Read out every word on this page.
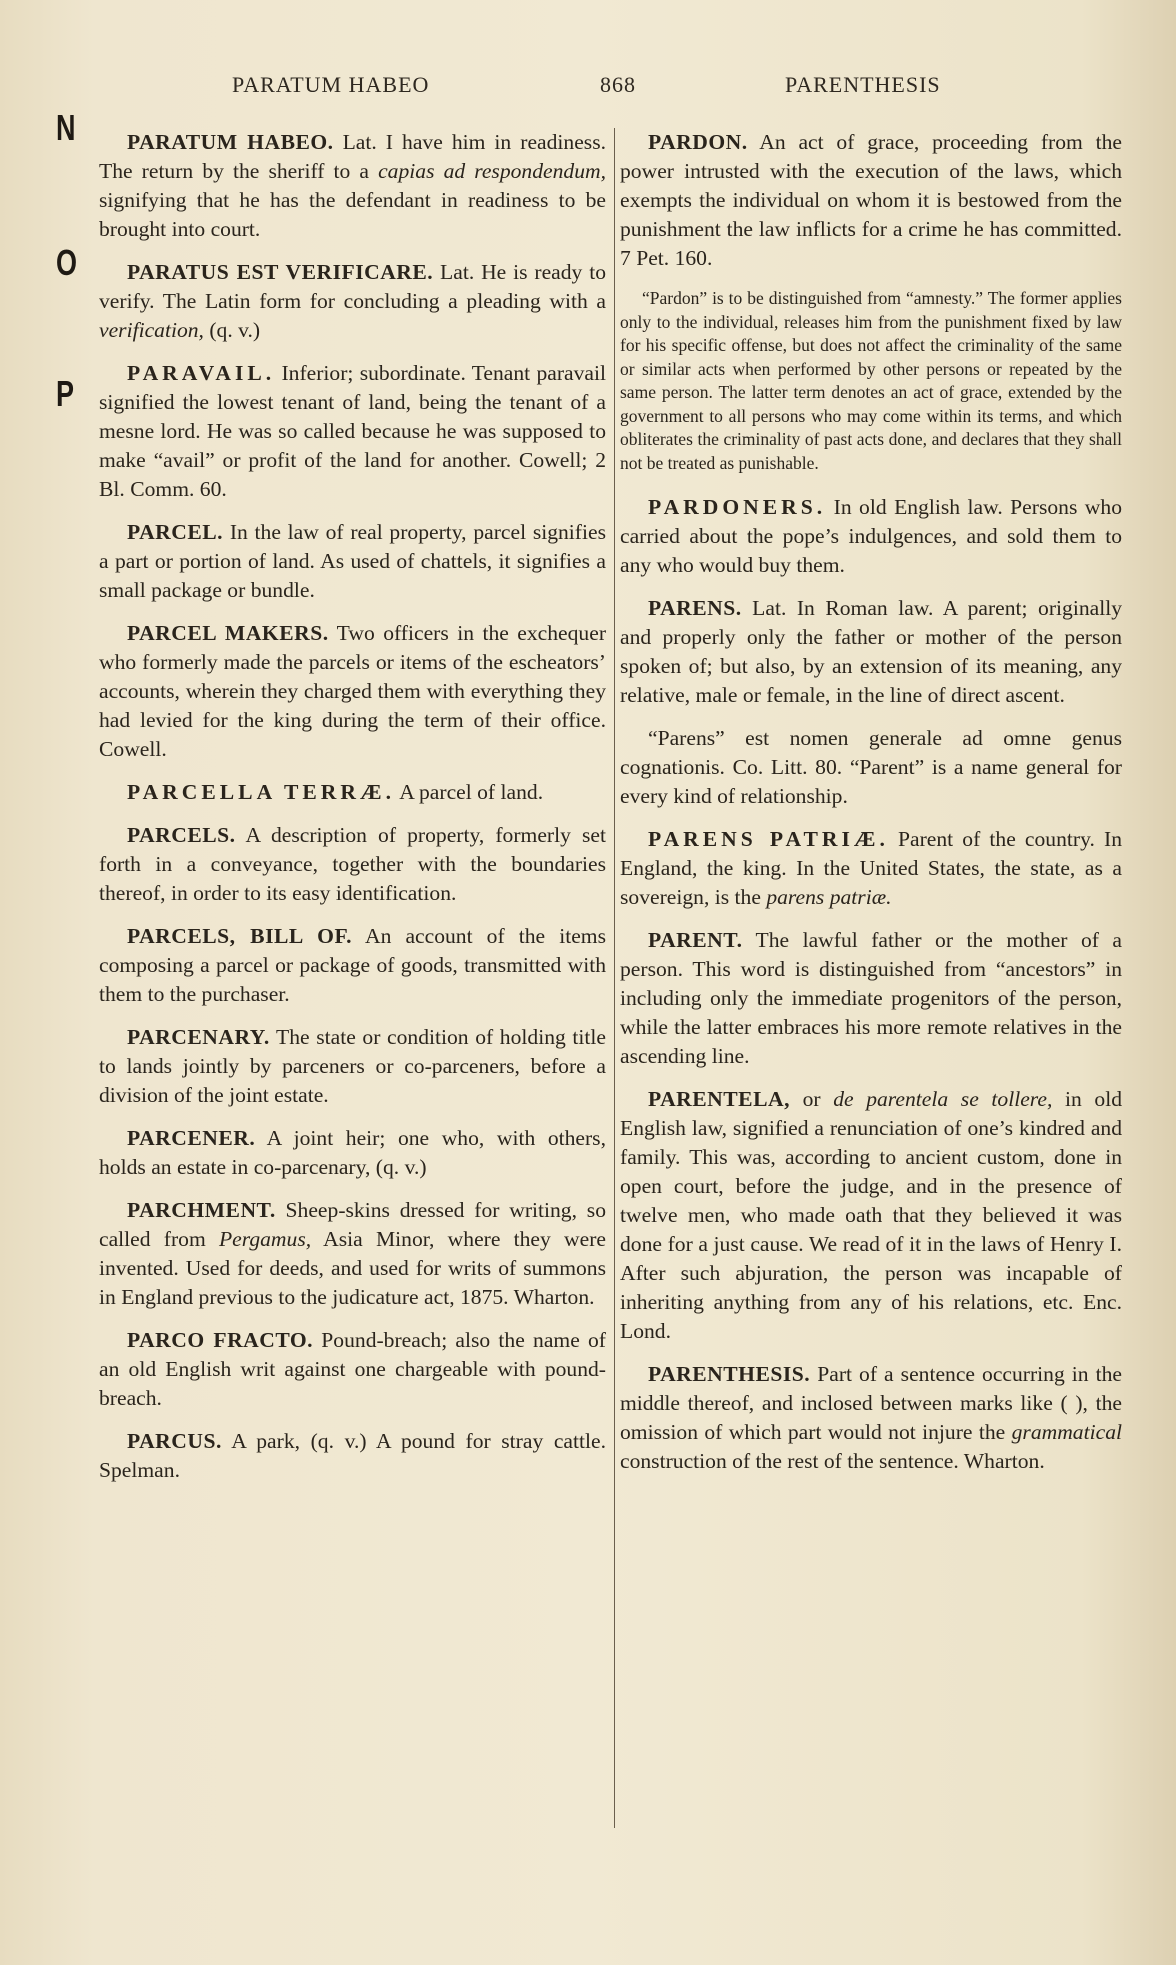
PARATUM HABEO	868	PARENTHESIS
N
O
P

PARATUM HABEO. Lat. I have him in readiness. The return by the sheriff to a capias ad respondendum, signifying that he has the defendant in readiness to be brought into court.

PARATUS EST VERIFICARE. Lat. He is ready to verify. The Latin form for concluding a pleading with a verification, (q. v.)

PARAVAIL. Inferior; subordinate. Tenant paravail signified the lowest tenant of land, being the tenant of a mesne lord. He was so called because he was supposed to make “avail” or profit of the land for another. Cowell; 2 Bl. Comm. 60.

PARCEL. In the law of real property, parcel signifies a part or portion of land. As used of chattels, it signifies a small package or bundle.

PARCEL MAKERS. Two officers in the exchequer who formerly made the parcels or items of the escheators’ accounts, wherein they charged them with everything they had levied for the king during the term of their office. Cowell.

PARCELLA TERRÆ. A parcel of land.

PARCELS. A description of property, formerly set forth in a conveyance, together with the boundaries thereof, in order to its easy identification.

PARCELS, BILL OF. An account of the items composing a parcel or package of goods, transmitted with them to the purchaser.

PARCENARY. The state or condition of holding title to lands jointly by parceners or co-parceners, before a division of the joint estate.

PARCENER. A joint heir; one who, with others, holds an estate in co-parcenary, (q. v.)

PARCHMENT. Sheep-skins dressed for writing, so called from Pergamus, Asia Minor, where they were invented. Used for deeds, and used for writs of summons in England previous to the judicature act, 1875. Wharton.

PARCO FRACTO. Pound-breach; also the name of an old English writ against one chargeable with pound-breach.

PARCUS. A park, (q. v.) A pound for stray cattle. Spelman.

PARDON. An act of grace, proceeding from the power intrusted with the execution of the laws, which exempts the individual on whom it is bestowed from the punishment the law inflicts for a crime he has committed. 7 Pet. 160.

“Pardon” is to be distinguished from “amnesty.” The former applies only to the individual, releases him from the punishment fixed by law for his specific offense, but does not affect the criminality of the same or similar acts when performed by other persons or repeated by the same person. The latter term denotes an act of grace, extended by the government to all persons who may come within its terms, and which obliterates the criminality of past acts done, and declares that they shall not be treated as punishable.

PARDONERS. In old English law. Persons who carried about the pope’s indulgences, and sold them to any who would buy them.

PARENS. Lat. In Roman law. A parent; originally and properly only the father or mother of the person spoken of; but also, by an extension of its meaning, any relative, male or female, in the line of direct ascent.

“Parens” est nomen generale ad omne genus cognationis. Co. Litt. 80. “Parent” is a name general for every kind of relationship.

PARENS PATRIÆ. Parent of the country. In England, the king. In the United States, the state, as a sovereign, is the parens patriæ.

PARENT. The lawful father or the mother of a person. This word is distinguished from “ancestors” in including only the immediate progenitors of the person, while the latter embraces his more remote relatives in the ascending line.

PARENTELA, or de parentela se tollere, in old English law, signified a renunciation of one’s kindred and family. This was, according to ancient custom, done in open court, before the judge, and in the presence of twelve men, who made oath that they believed it was done for a just cause. We read of it in the laws of Henry I. After such abjuration, the person was incapable of inheriting anything from any of his relations, etc. Enc. Lond.

PARENTHESIS. Part of a sentence occurring in the middle thereof, and inclosed between marks like ( ), the omission of which part would not injure the grammatical construction of the rest of the sentence. Wharton.
